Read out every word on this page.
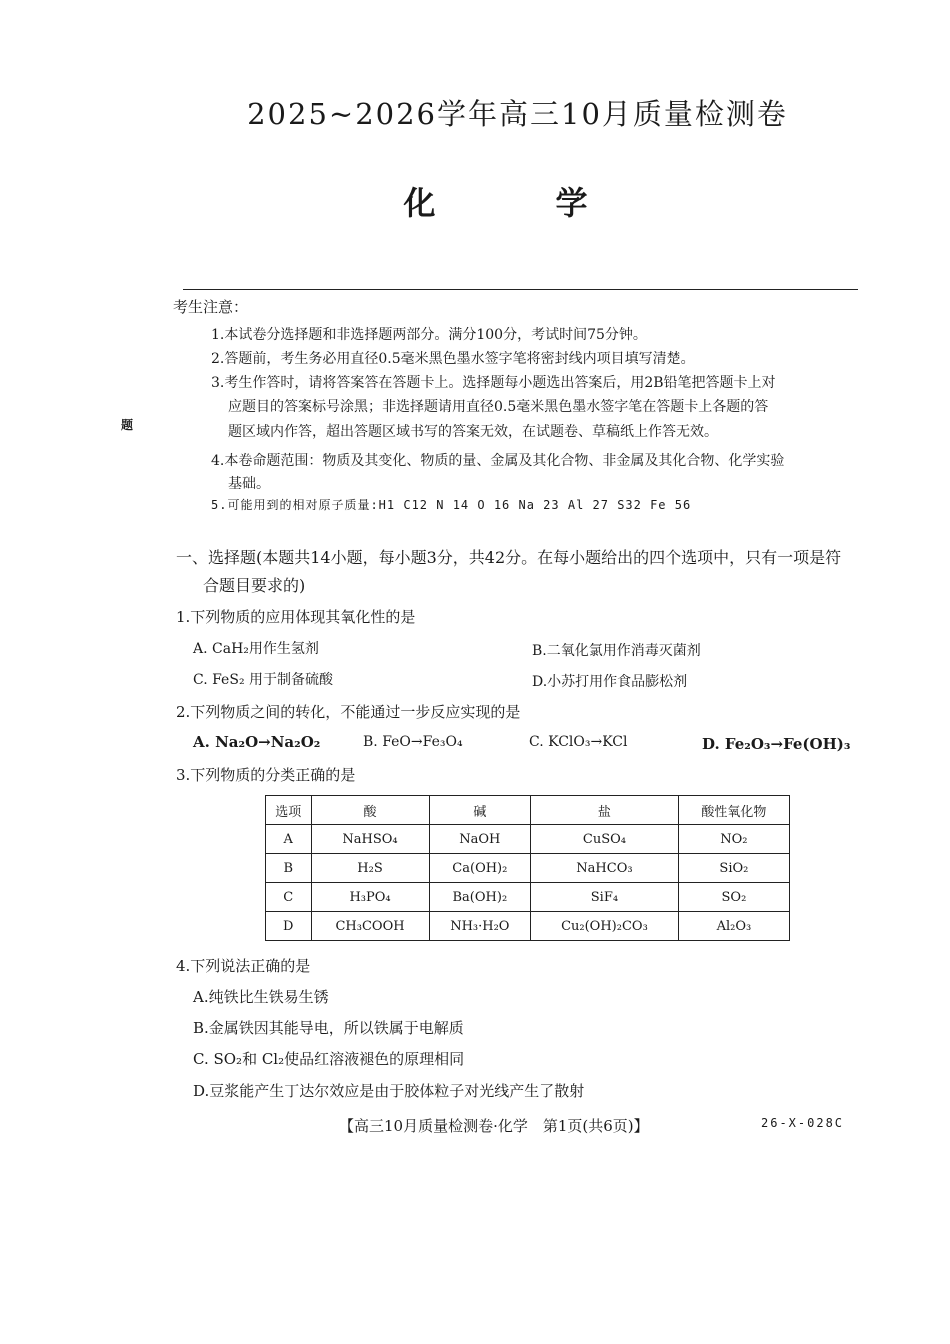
2025~2026学年高三10月质量检测卷
化　学
题
考生注意：
1.本试卷分选择题和非选择题两部分。满分100分，考试时间75分钟。
2.答题前，考生务必用直径0.5毫米黑色墨水签字笔将密封线内项目填写清楚。
3.考生作答时，请将答案答在答题卡上。选择题每小题选出答案后，用2B铅笔把答题卡上对
应题目的答案标号涂黑；非选择题请用直径0.5毫米黑色墨水签字笔在答题卡上各题的答
题区域内作答，超出答题区域书写的答案无效，在试题卷、草稿纸上作答无效。
4.本卷命题范围：物质及其变化、物质的量、金属及其化合物、非金属及其化合物、化学实验
基础。
5.可能用到的相对原子质量:H1 C12 N 14 O 16 Na 23 Al 27 S32 Fe 56
一、选择题(本题共14小题，每小题3分，共42分。在每小题给出的四个选项中，只有一项是符
合题目要求的)
1.下列物质的应用体现其氧化性的是
A. CaH₂用作生氢剂	B.二氧化氯用作消毒灭菌剂
C. FeS₂ 用于制备硫酸	D.小苏打用作食品膨松剂
2.下列物质之间的转化，不能通过一步反应实现的是
A. Na₂O→Na₂O₂	B. FeO→Fe₃O₄	C. KClO₃→KCl	D. Fe₂O₃→Fe(OH)₃
3.下列物质的分类正确的是
选项	酸	碱	盐	酸性氧化物
A	NaHSO₄	NaOH	CuSO₄	NO₂
B	H₂S	Ca(OH)₂	NaHCO₃	SiO₂
C	H₃PO₄	Ba(OH)₂	SiF₄	SO₂
D	CH₃COOH	NH₃·H₂O	Cu₂(OH)₂CO₃	Al₂O₃
4.下列说法正确的是
A.纯铁比生铁易生锈
B.金属铁因其能导电，所以铁属于电解质
C. SO₂和 Cl₂使品红溶液褪色的原理相同
D.豆浆能产生丁达尔效应是由于胶体粒子对光线产生了散射
【高三10月质量检测卷·化学　第1页(共6页)】	26-X-028C
